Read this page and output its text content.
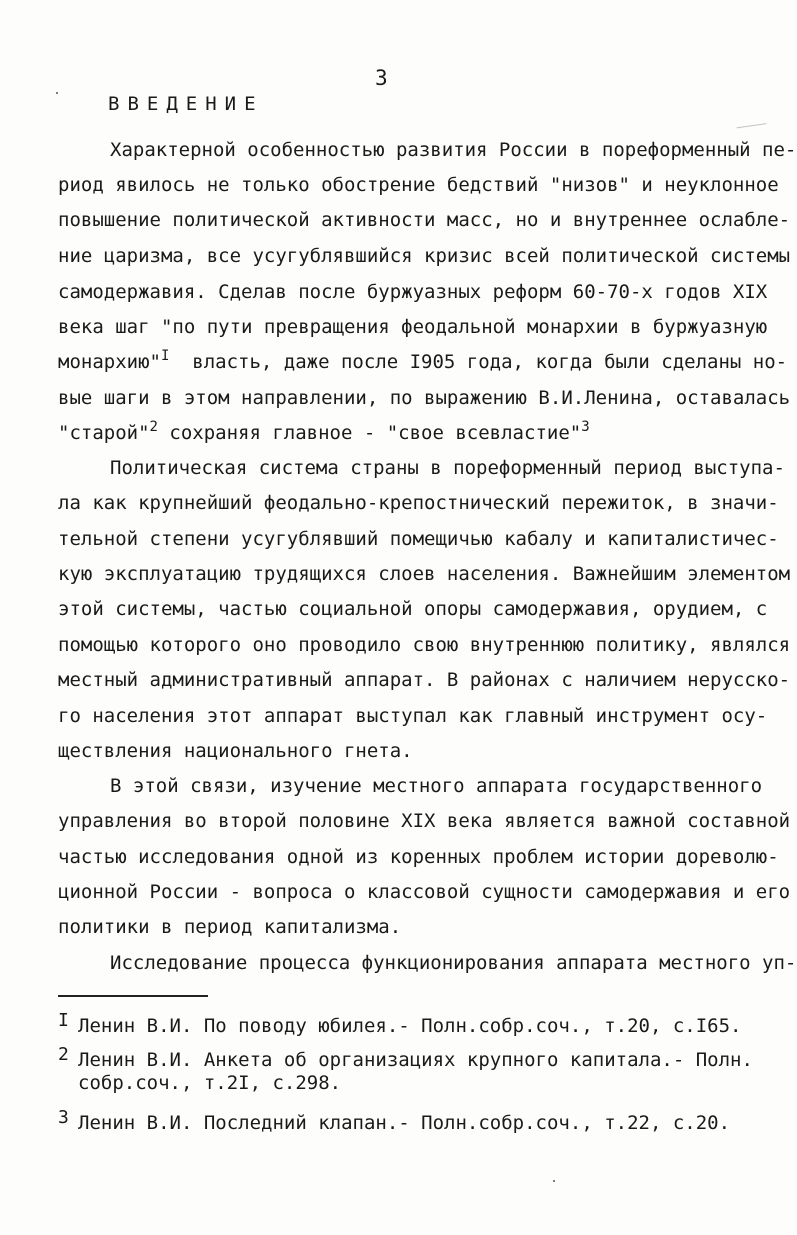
3
ВВЕДЕНИЕ
Характерной особенностью развития России в пореформенный пе-
риод явилось не только обострение бедствий "низов" и неуклонное
повышение политической активности масс, но и внутреннее ослабле-
ние царизма, все усугублявшийся кризис всей политической системы
самодержавия. Сделав после буржуазных реформ 60-70-х годов XIX
века шаг "по пути превращения феодальной монархии в буржуазную
монархию"$^I$  власть, даже после I905 года, когда были сделаны но-
вые шаги в этом направлении, по выражению В.И.Ленина, оставалась
"старой"$^2$ сохраняя главное - "свое всевластие"$^3$
Политическая система страны в пореформенный период выступа-
ла как крупнейший феодально-крепостнический пережиток, в значи-
тельной степени усугублявший помещичью кабалу и капиталистичес-
кую эксплуатацию трудящихся слоев населения. Важнейшим элементом
этой системы, частью социальной опоры самодержавия, орудием, с
помощью которого оно проводило свою внутреннюю политику, являлся
местный административный аппарат. В районах с наличием нерусско-
го населения этот аппарат выступал как главный инструмент осу-
ществления национального гнета.
В этой связи, изучение местного аппарата государственного
управления во второй половине XIX века является важной составной
частью исследования одной из коренных проблем истории дореволю-
ционной России - вопроса о классовой сущности самодержавия и его
политики в период капитализма.
Исследование процесса функционирования аппарата местного уп-
I Ленин В.И. По поводу юбилея.- Полн.собр.соч., т.20, с.I65.
2 Ленин В.И. Анкета об организациях крупного капитала.- Полн.
собр.соч., т.2I, с.298.
3 Ленин В.И. Последний клапан.- Полн.собр.соч., т.22, с.20.
